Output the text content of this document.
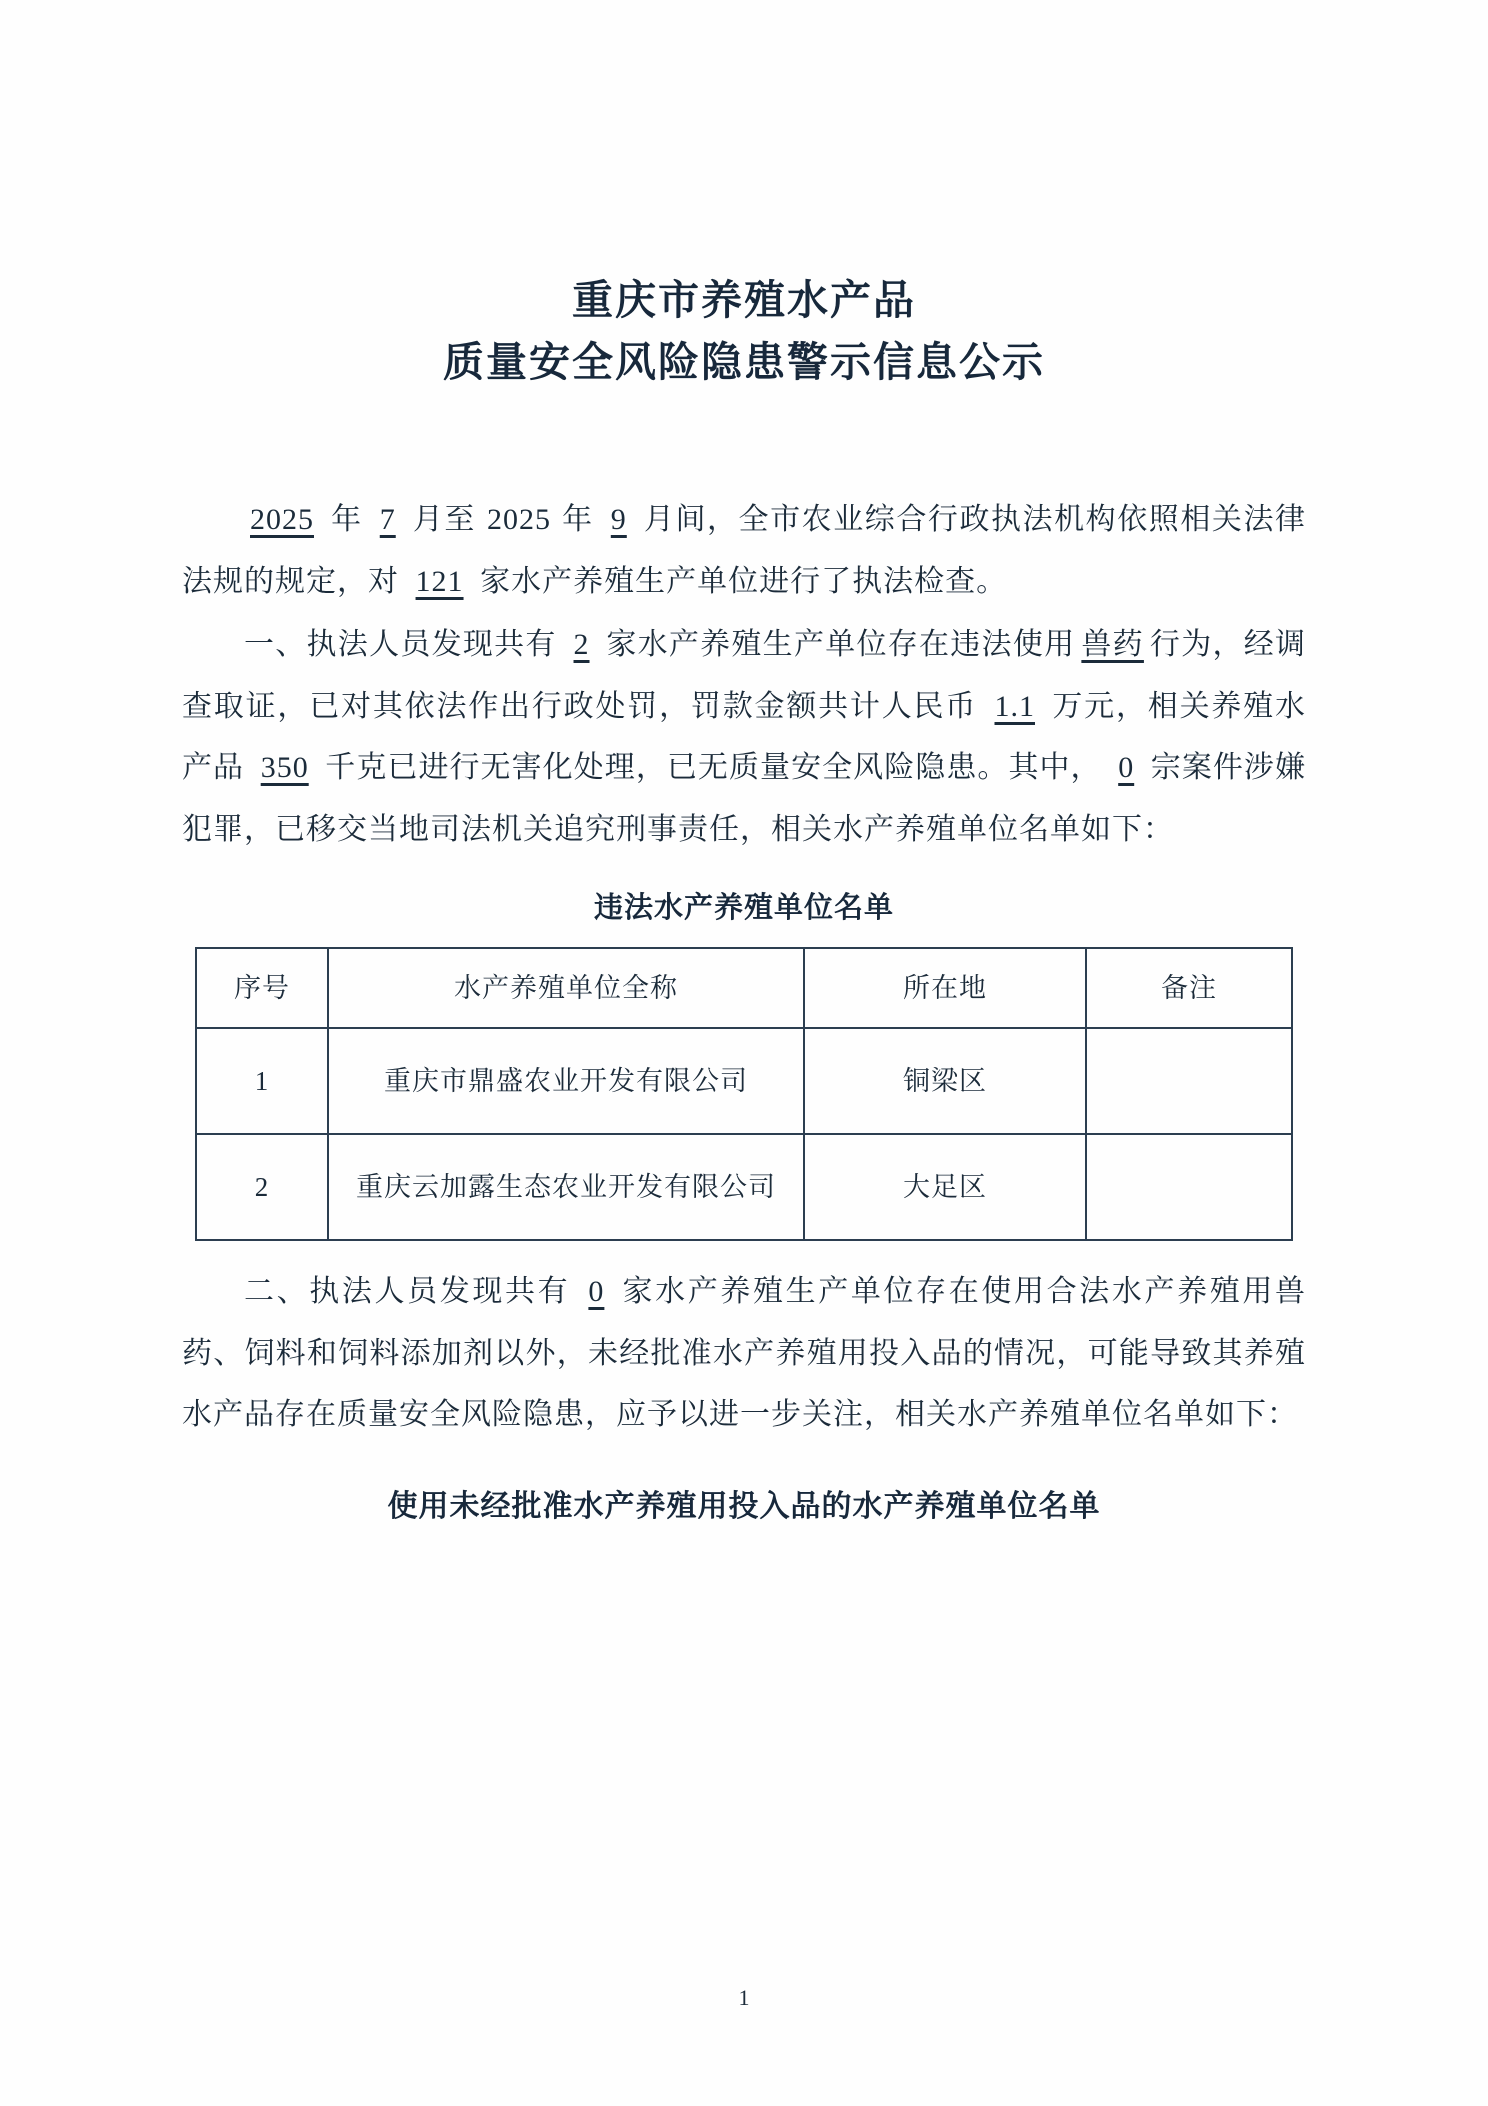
重庆市养殖水产品
质量安全风险隐患警示信息公示

2025 年 7 月至 2025 年 9 月间，全市农业综合行政执法机构依照相关法律法规的规定，对 121 家水产养殖生产单位进行了执法检查。

一、执法人员发现共有 2 家水产养殖生产单位存在违法使用 兽药 行为，经调查取证，已对其依法作出行政处罚，罚款金额共计人民币 1.1 万元，相关养殖水产品 350 千克已进行无害化处理，已无质量安全风险隐患。其中， 0 宗案件涉嫌犯罪，已移交当地司法机关追究刑事责任，相关水产养殖单位名单如下：

违法水产养殖单位名单
序号	水产养殖单位全称	所在地	备注
1	重庆市鼎盛农业开发有限公司	铜梁区	
2	重庆云加露生态农业开发有限公司	大足区	

二、执法人员发现共有 0 家水产养殖生产单位存在使用合法水产养殖用兽药、饲料和饲料添加剂以外，未经批准水产养殖用投入品的情况，可能导致其养殖水产品存在质量安全风险隐患，应予以进一步关注，相关水产养殖单位名单如下：

使用未经批准水产养殖用投入品的水产养殖单位名单
1
